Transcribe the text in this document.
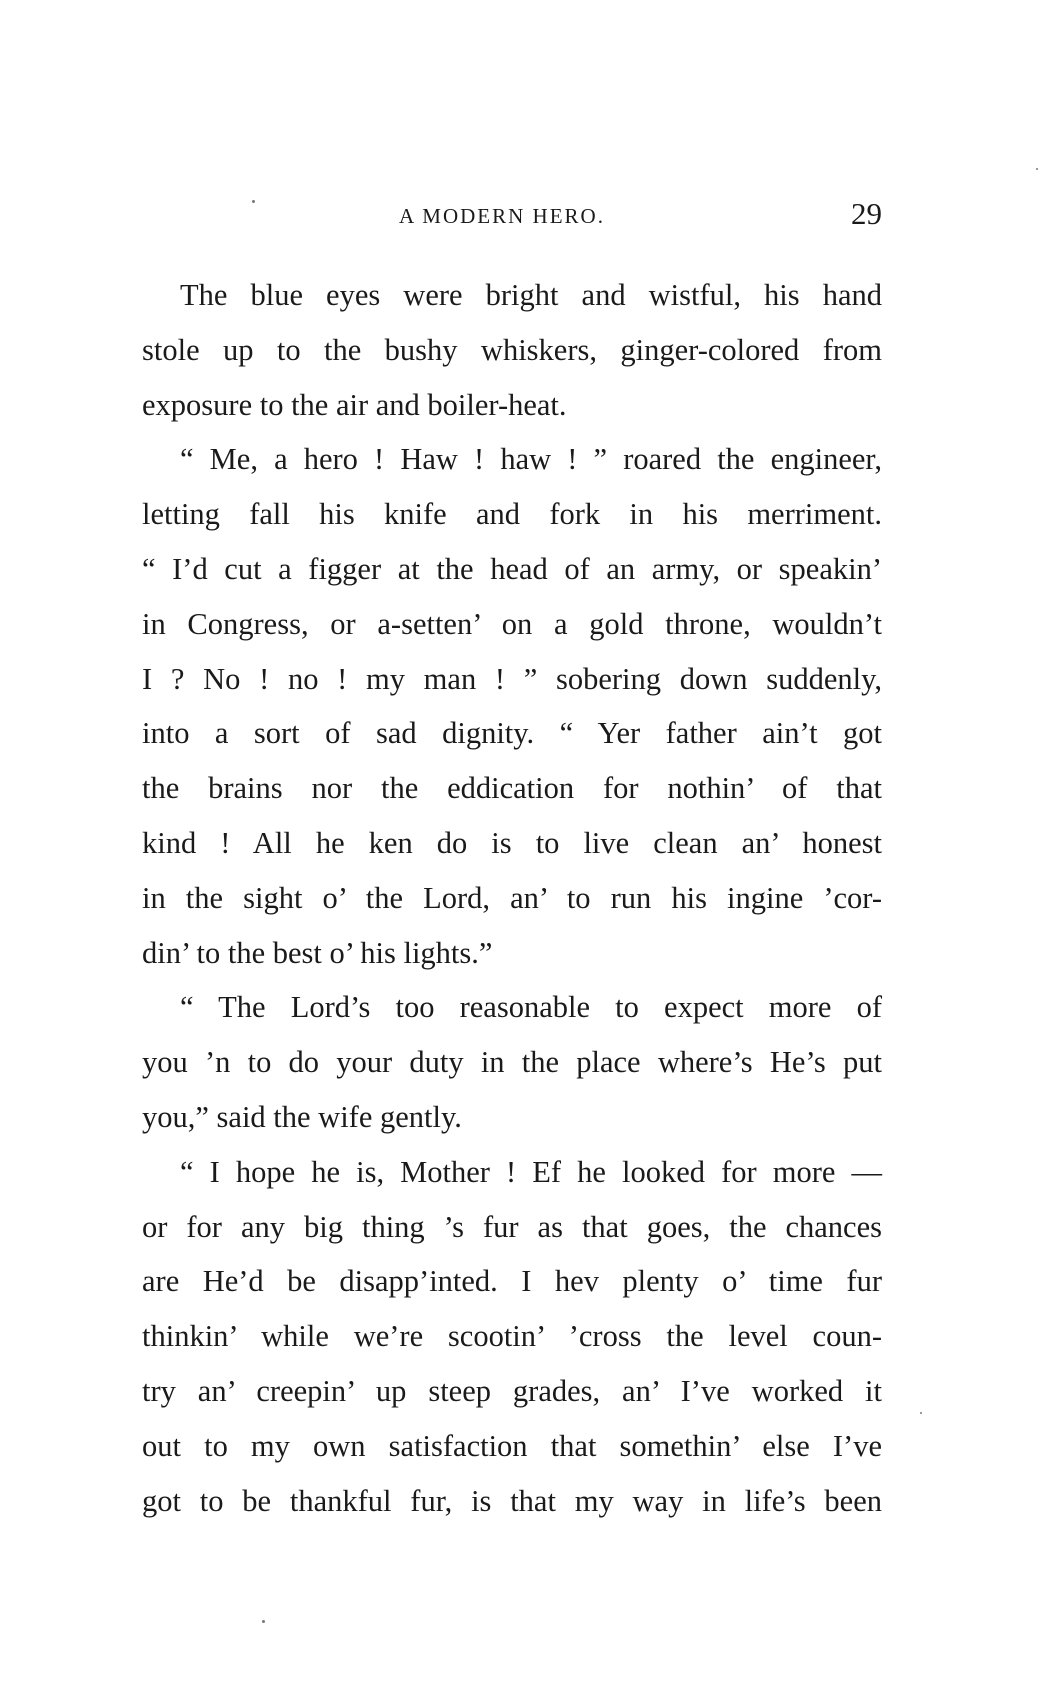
A MODERN HERO.	29
The blue eyes were bright and wistful, his hand
stole up to the bushy whiskers, ginger-colored from
exposure to the air and boiler-heat.
“ Me, a hero ! Haw ! haw ! ” roared the engineer,
letting fall his knife and fork in his merriment.
“ I’d cut a figger at the head of an army, or speakin’
in Congress, or a-setten’ on a gold throne, wouldn’t
I ? No ! no ! my man ! ” sobering down suddenly,
into a sort of sad dignity. “ Yer father ain’t got
the brains nor the eddication for nothin’ of that
kind ! All he ken do is to live clean an’ honest
in the sight o’ the Lord, an’ to run his ingine ’cor-
din’ to the best o’ his lights.”
“ The Lord’s too reasonable to expect more of
you ’n to do your duty in the place where’s He’s put
you,” said the wife gently.
“ I hope he is, Mother ! Ef he looked for more —
or for any big thing ’s fur as that goes, the chances
are He’d be disapp’inted. I hev plenty o’ time fur
thinkin’ while we’re scootin’ ’cross the level coun-
try an’ creepin’ up steep grades, an’ I’ve worked it
out to my own satisfaction that somethin’ else I’ve
got to be thankful fur, is that my way in life’s been
